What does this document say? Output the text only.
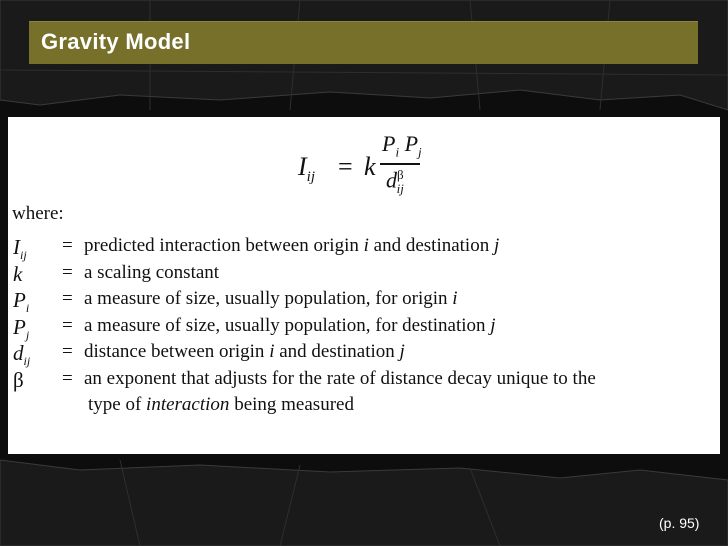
Gravity Model
$I_{ij} = k$
$P_i$ $P_j$
$d^\beta_{ij}$
where:
$I_{ij}$ = predicted interaction between origin i and destination j
k = a scaling constant
$P_i = a$ measure of size, usually population, for origin i
$P_j = a$ measure of size, usually population, for destination j
$d_{ij}$ = distance between origin i and destination j
β = an exponent that adjusts for the rate of distance decay unique to the
type of interaction being measured
(p. 95)
